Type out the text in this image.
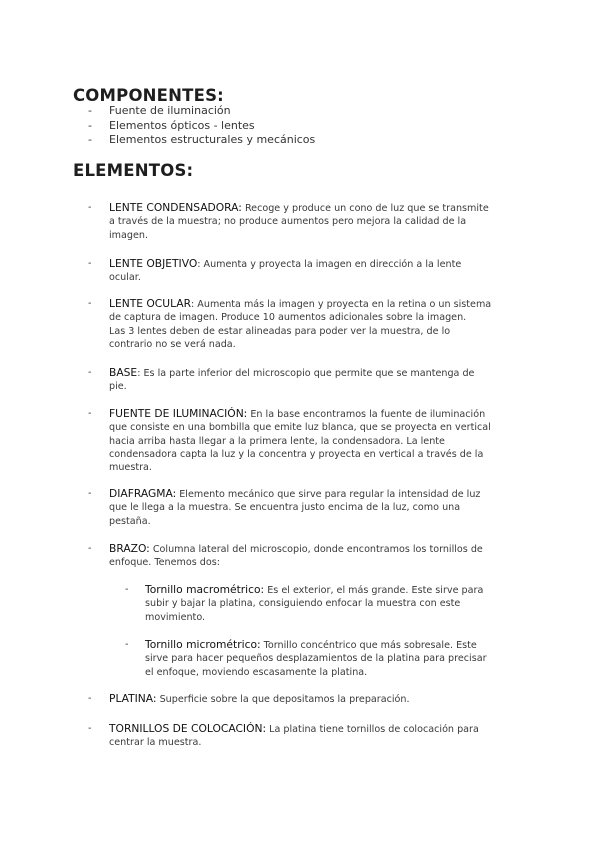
COMPONENTES:
- Fuente de iluminación
- Elementos ópticos - lentes
- Elementos estructurales y mecánicos
ELEMENTOS:
- LENTE CONDENSADORA: Recoge y produce un cono de luz que se transmite
a través de la muestra; no produce aumentos pero mejora la calidad de la
imagen.
- LENTE OBJETIVO: Aumenta y proyecta la imagen en dirección a la lente
ocular.
- LENTE OCULAR: Aumenta más la imagen y proyecta en la retina o un sistema
de captura de imagen. Produce 10 aumentos adicionales sobre la imagen.
Las 3 lentes deben de estar alineadas para poder ver la muestra, de lo
contrario no se verá nada.
- BASE: Es la parte inferior del microscopio que permite que se mantenga de
pie.
- FUENTE DE ILUMINACIÓN: En la base encontramos la fuente de iluminación
que consiste en una bombilla que emite luz blanca, que se proyecta en vertical
hacia arriba hasta llegar a la primera lente, la condensadora. La lente
condensadora capta la luz y la concentra y proyecta en vertical a través de la
muestra.
- DIAFRAGMA: Elemento mecánico que sirve para regular la intensidad de luz
que le llega a la muestra. Se encuentra justo encima de la luz, como una
pestaña.
- BRAZO: Columna lateral del microscopio, donde encontramos los tornillos de
enfoque. Tenemos dos:
- Tornillo macrométrico: Es el exterior, el más grande. Este sirve para
subir y bajar la platina, consiguiendo enfocar la muestra con este
movimiento.
- Tornillo micrométrico: Tornillo concéntrico que más sobresale. Este
sirve para hacer pequeños desplazamientos de la platina para precisar
el enfoque, moviendo escasamente la platina.
- PLATINA: Superficie sobre la que depositamos la preparación.
- TORNILLOS DE COLOCACIÓN: La platina tiene tornillos de colocación para
centrar la muestra.
